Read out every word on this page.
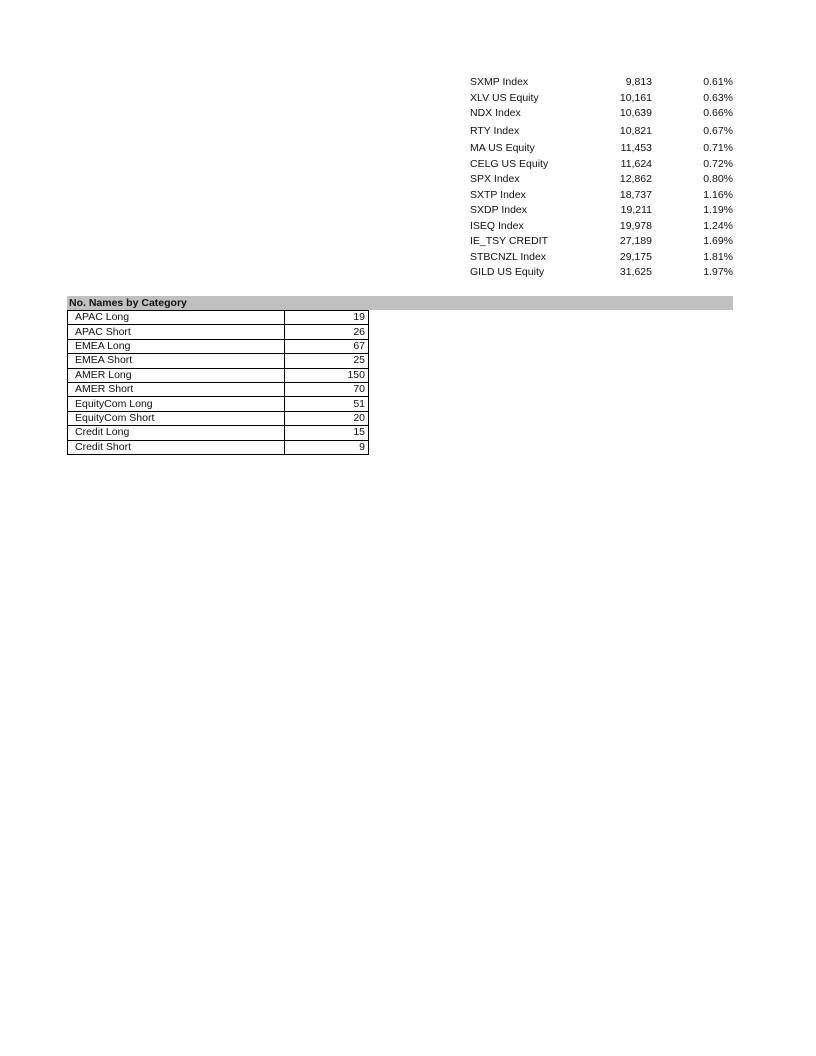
SXMP Index	9,813	0.61%
XLV US Equity	10,161	0.63%
NDX Index	10,639	0.66%
RTY Index	10,821	0.67%
MA US Equity	11,453	0.71%
CELG US Equity	11,624	0.72%
SPX Index	12,862	0.80%
SXTP Index	18,737	1.16%
SXDP Index	19,211	1.19%
ISEQ Index	19,978	1.24%
IE_TSY CREDIT	27,189	1.69%
STBCNZL Index	29,175	1.81%
GILD US Equity	31,625	1.97%
No. Names by Category
APAC Long	19
APAC Short	26
EMEA Long	67
EMEA Short	25
AMER Long	150
AMER Short	70
EquityCom Long	51
EquityCom Short	20
Credit Long	15
Credit Short	9
